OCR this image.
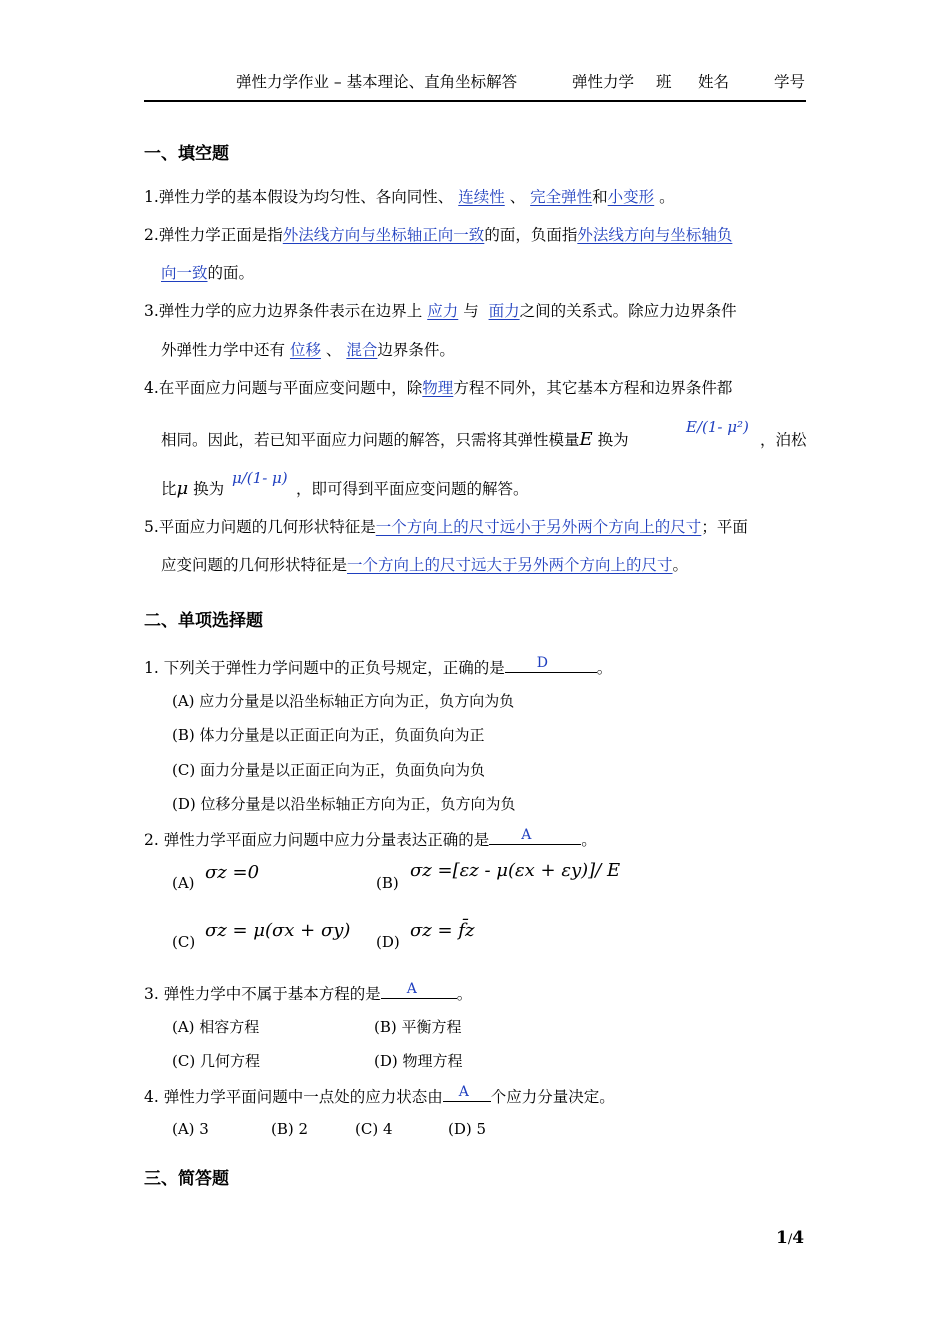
弹性力学作业 – 基本理论、直角坐标解答	弹性力学 班 姓名	学号
一、填空题
1.弹性力学的基本假设为均匀性、各向同性、 连续性 、 完全弹性和小变形 。
2.弹性力学正面是指外法线方向与坐标轴正向一致的面，负面指外法线方向与坐标轴负
向一致的面。
3.弹性力学的应力边界条件表示在边界上 应力 与 面力之间的关系式。除应力边界条件
外弹性力学中还有 位移 、 混合边界条件。
4.在平面应力问题与平面应变问题中，除物理方程不同外，其它基本方程和边界条件都
相同。因此，若已知平面应力问题的解答，只需将其弹性模量E 换为
E/(1- μ²)
，泊松
比μ 换为
μ/(1- μ)
，即可得到平面应变问题的解答。
5.平面应力问题的几何形状特征是一个方向上的尺寸远小于另外两个方向上的尺寸；平面
应变问题的几何形状特征是一个方向上的尺寸远大于另外两个方向上的尺寸。
二、单项选择题
1. 下列关于弹性力学问题中的正负号规定，正确的是 D	。
(A) 应力分量是以沿坐标轴正方向为正，负方向为负
(B) 体力分量是以正面正向为正，负面负向为正
(C) 面力分量是以正面正向为正，负面负向为负
(D) 位移分量是以沿坐标轴正方向为正，负方向为负
2. 弹性力学平面应力问题中应力分量表达正确的是 A	。
(A) σz =0	(B)
σz =[εz - μ(εx + εy)]/ E
(C)
σz = μ(σx + σy)
(D)
σz = f̄z
3. 弹性力学中不属于基本方程的是 A	。
(A) 相容方程	(B) 平衡方程
(C) 几何方程	(D) 物理方程
4. 弹性力学平面问题中一点处的应力状态由 A 个应力分量决定。
(A) 3	(B) 2	(C) 4	(D) 5
三、简答题
1/4
